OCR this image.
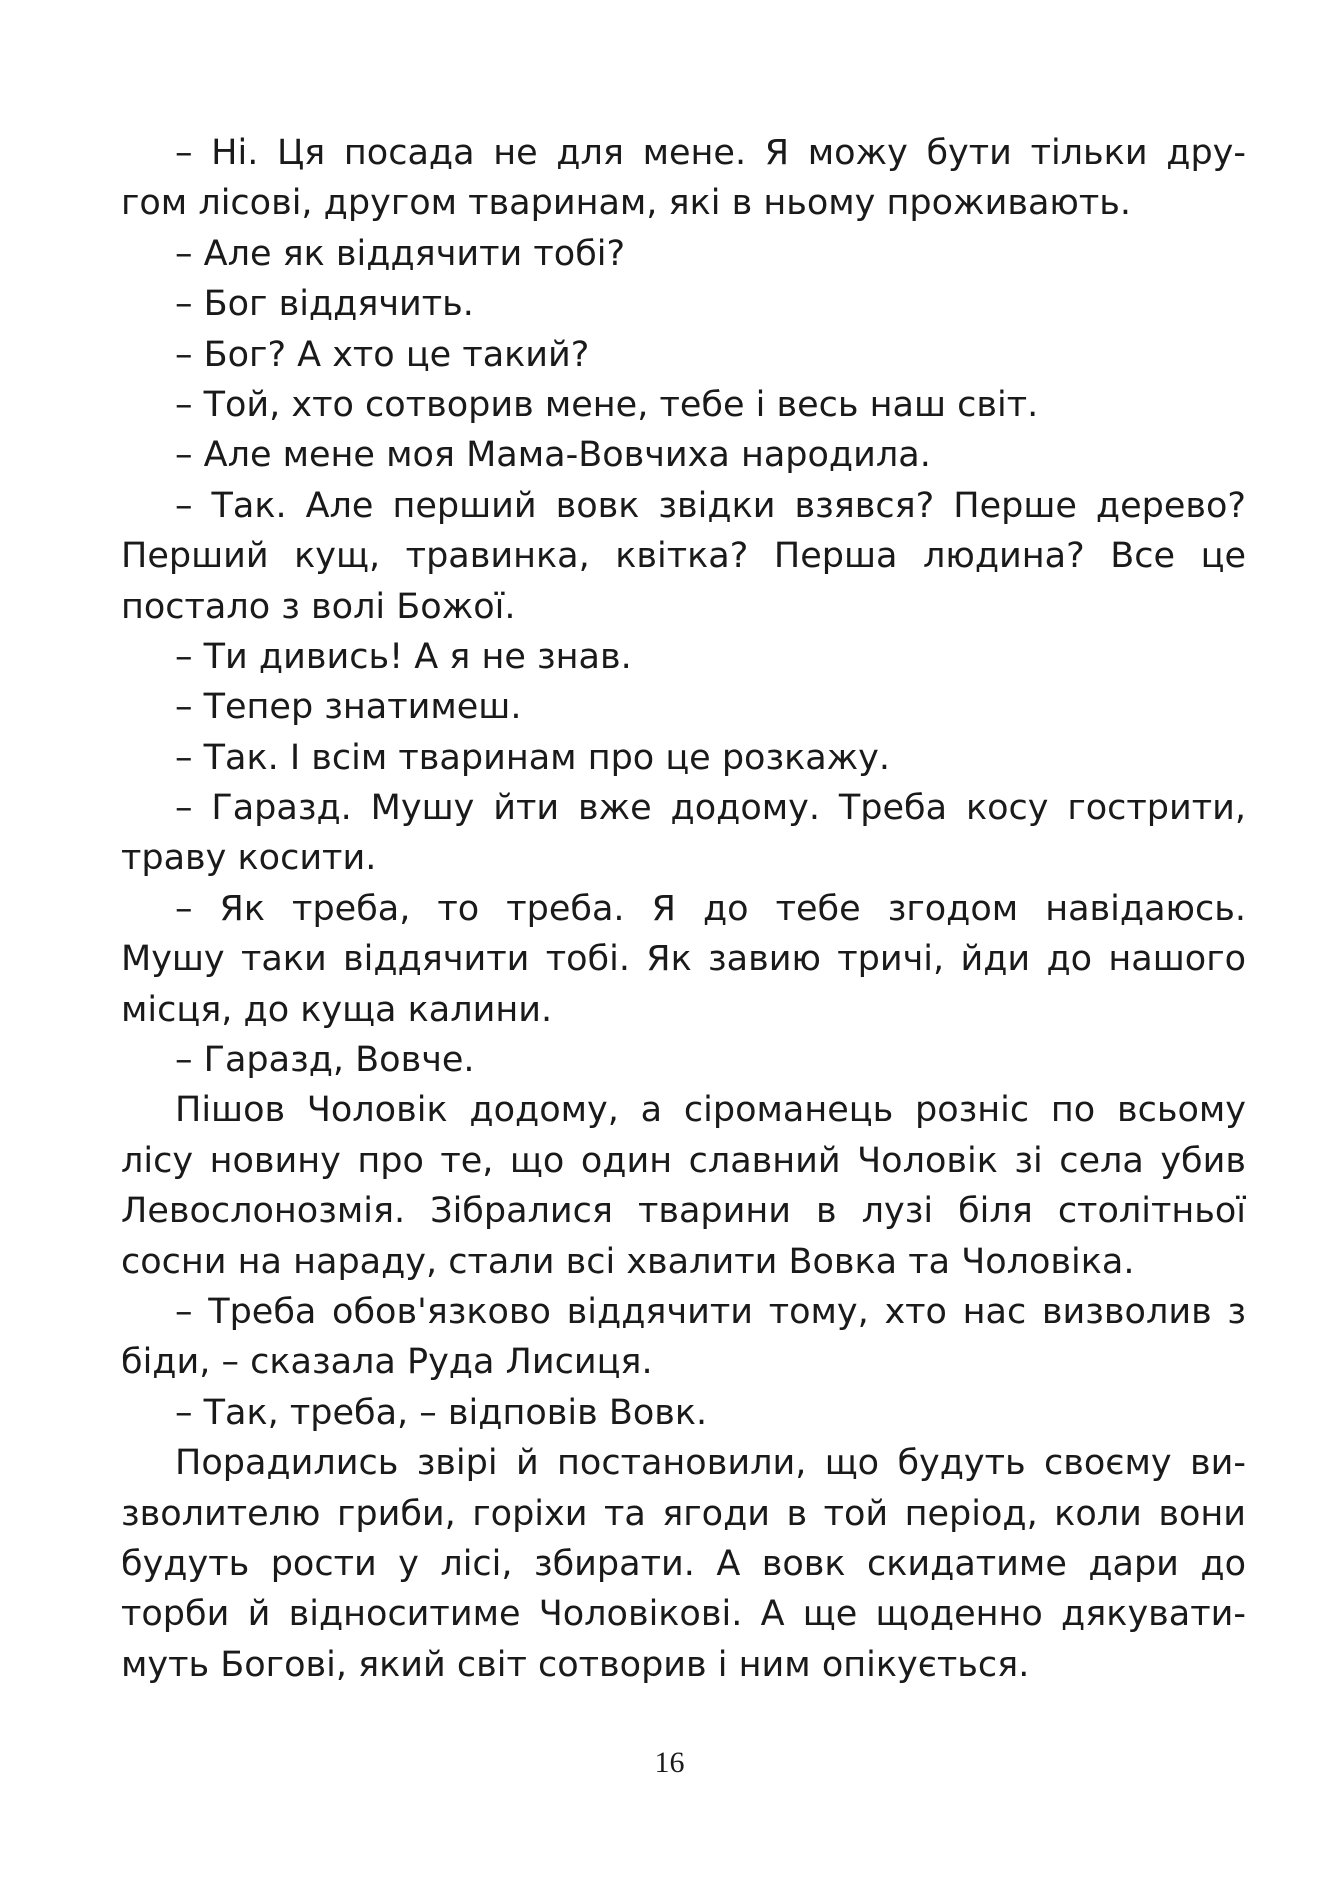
– Ні. Ця посада не для мене. Я можу бути тільки дру-
гом лісові, другом тваринам, які в ньому проживають.
– Але як віддячити тобі?
– Бог віддячить.
– Бог? А хто це такий?
– Той, хто сотворив мене, тебе і весь наш світ.
– Але мене моя Мама-Вовчиха народила.
– Так. Але перший вовк звідки взявся? Перше дерево?
Перший кущ, травинка, квітка? Перша людина? Все це
постало з волі Божої.
– Ти дивись! А я не знав.
– Тепер знатимеш.
– Так. І всім тваринам про це розкажу.
– Гаразд. Мушу йти вже додому. Треба косу гострити,
траву косити.
– Як треба, то треба. Я до тебе згодом навідаюсь.
Мушу таки віддячити тобі. Як завию тричі, йди до нашого
місця, до куща калини.
– Гаразд, Вовче.
Пішов Чоловік додому, а сіроманець розніс по всьому
лісу новину про те, що один славний Чоловік зі села убив
Левослонозмія. Зібралися тварини в лузі біля столітньої
сосни на нараду, стали всі хвалити Вовка та Чоловіка.
– Треба обов'язково віддячити тому, хто нас визволив з
біди, – сказала Руда Лисиця.
– Так, треба, – відповів Вовк.
Порадились звірі й постановили, що будуть своєму ви-
зволителю гриби, горіхи та ягоди в той період, коли вони
будуть рости у лісі, збирати. А вовк скидатиме дари до
торби й відноситиме Чоловікові. А ще щоденно дякувати-
муть Богові, який світ сотворив і ним опікується.
16
